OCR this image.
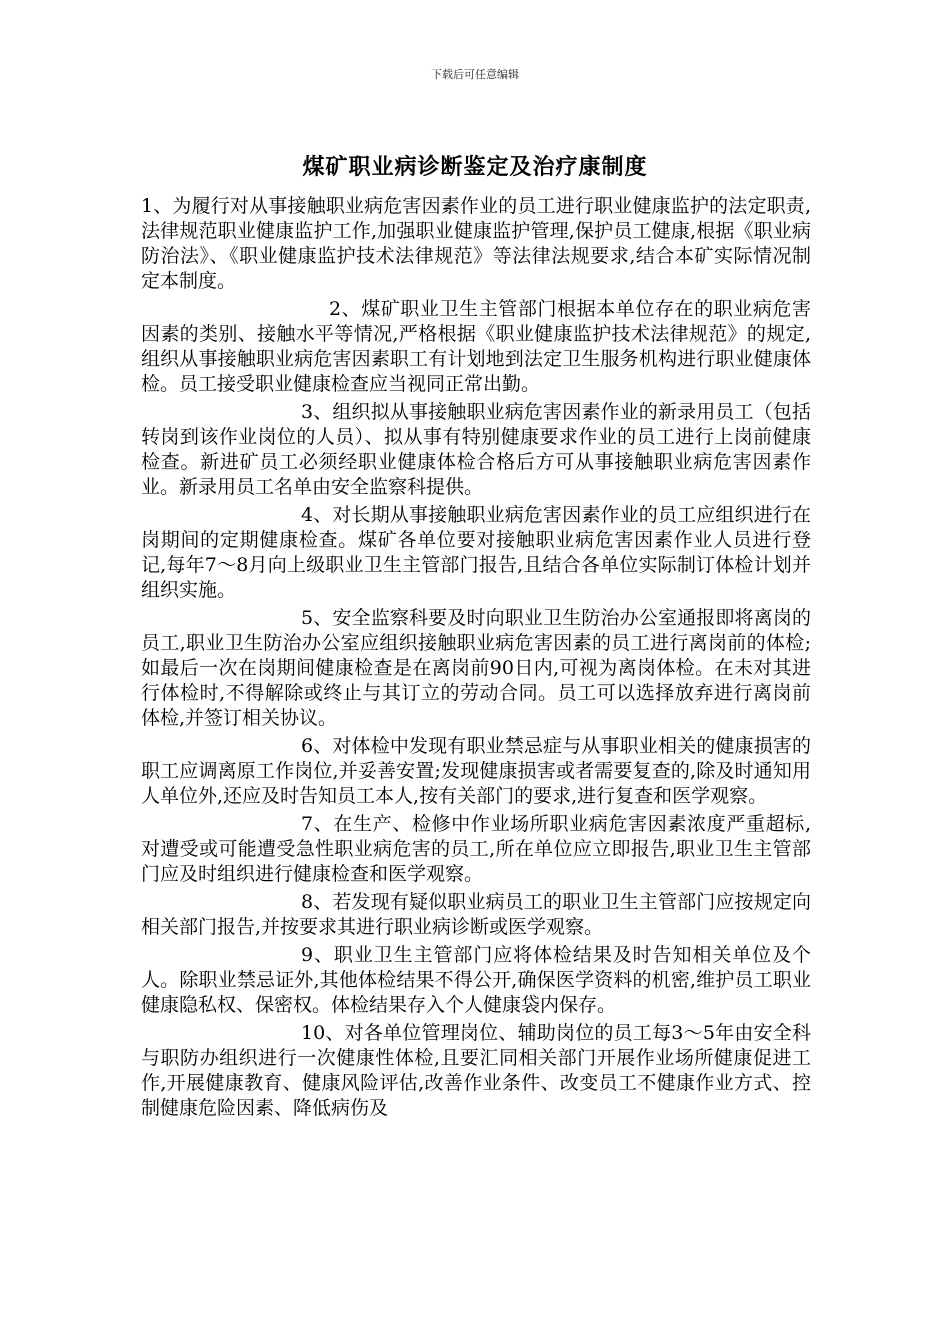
下载后可任意编辑
煤矿职业病诊断鉴定及治疗康制度

1、为履行对从事接触职业病危害因素作业的员工进行职业健康监护的法定职责,法律规范职业健康监护工作,加强职业健康监护管理,保护员工健康,根据《职业病防治法》、《职业健康监护技术法律规范》等法律法规要求,结合本矿实际情况制定本制度。

2、煤矿职业卫生主管部门根据本单位存在的职业病危害因素的类别、接触水平等情况,严格根据《职业健康监护技术法律规范》的规定,组织从事接触职业病危害因素职工有计划地到法定卫生服务机构进行职业健康体检。员工接受职业健康检查应当视同正常出勤。

3、组织拟从事接触职业病危害因素作业的新录用员工（包括转岗到该作业岗位的人员）、拟从事有特别健康要求作业的员工进行上岗前健康检查。新进矿员工必须经职业健康体检合格后方可从事接触职业病危害因素作业。新录用员工名单由安全监察科提供。

4、对长期从事接触职业病危害因素作业的员工应组织进行在岗期间的定期健康检查。煤矿各单位要对接触职业病危害因素作业人员进行登记,每年7～8月向上级职业卫生主管部门报告,且结合各单位实际制订体检计划并组织实施。

5、安全监察科要及时向职业卫生防治办公室通报即将离岗的员工,职业卫生防治办公室应组织接触职业病危害因素的员工进行离岗前的体检;如最后一次在岗期间健康检查是在离岗前90日内,可视为离岗体检。在未对其进行体检时,不得解除或终止与其订立的劳动合同。员工可以选择放弃进行离岗前体检,并签订相关协议。

6、对体检中发现有职业禁忌症与从事职业相关的健康损害的职工应调离原工作岗位,并妥善安置;发现健康损害或者需要复查的,除及时通知用人单位外,还应及时告知员工本人,按有关部门的要求,进行复查和医学观察。

7、在生产、检修中作业场所职业病危害因素浓度严重超标,对遭受或可能遭受急性职业病危害的员工,所在单位应立即报告,职业卫生主管部门应及时组织进行健康检查和医学观察。

8、若发现有疑似职业病员工的职业卫生主管部门应按规定向相关部门报告,并按要求其进行职业病诊断或医学观察。

9、职业卫生主管部门应将体检结果及时告知相关单位及个人。除职业禁忌证外,其他体检结果不得公开,确保医学资料的机密,维护员工职业健康隐私权、保密权。体检结果存入个人健康袋内保存。

10、对各单位管理岗位、辅助岗位的员工每3～5年由安全科与职防办组织进行一次健康性体检,且要汇同相关部门开展作业场所健康促进工作,开展健康教育、健康风险评估,改善作业条件、改变员工不健康作业方式、控制健康危险因素、降低病伤及
